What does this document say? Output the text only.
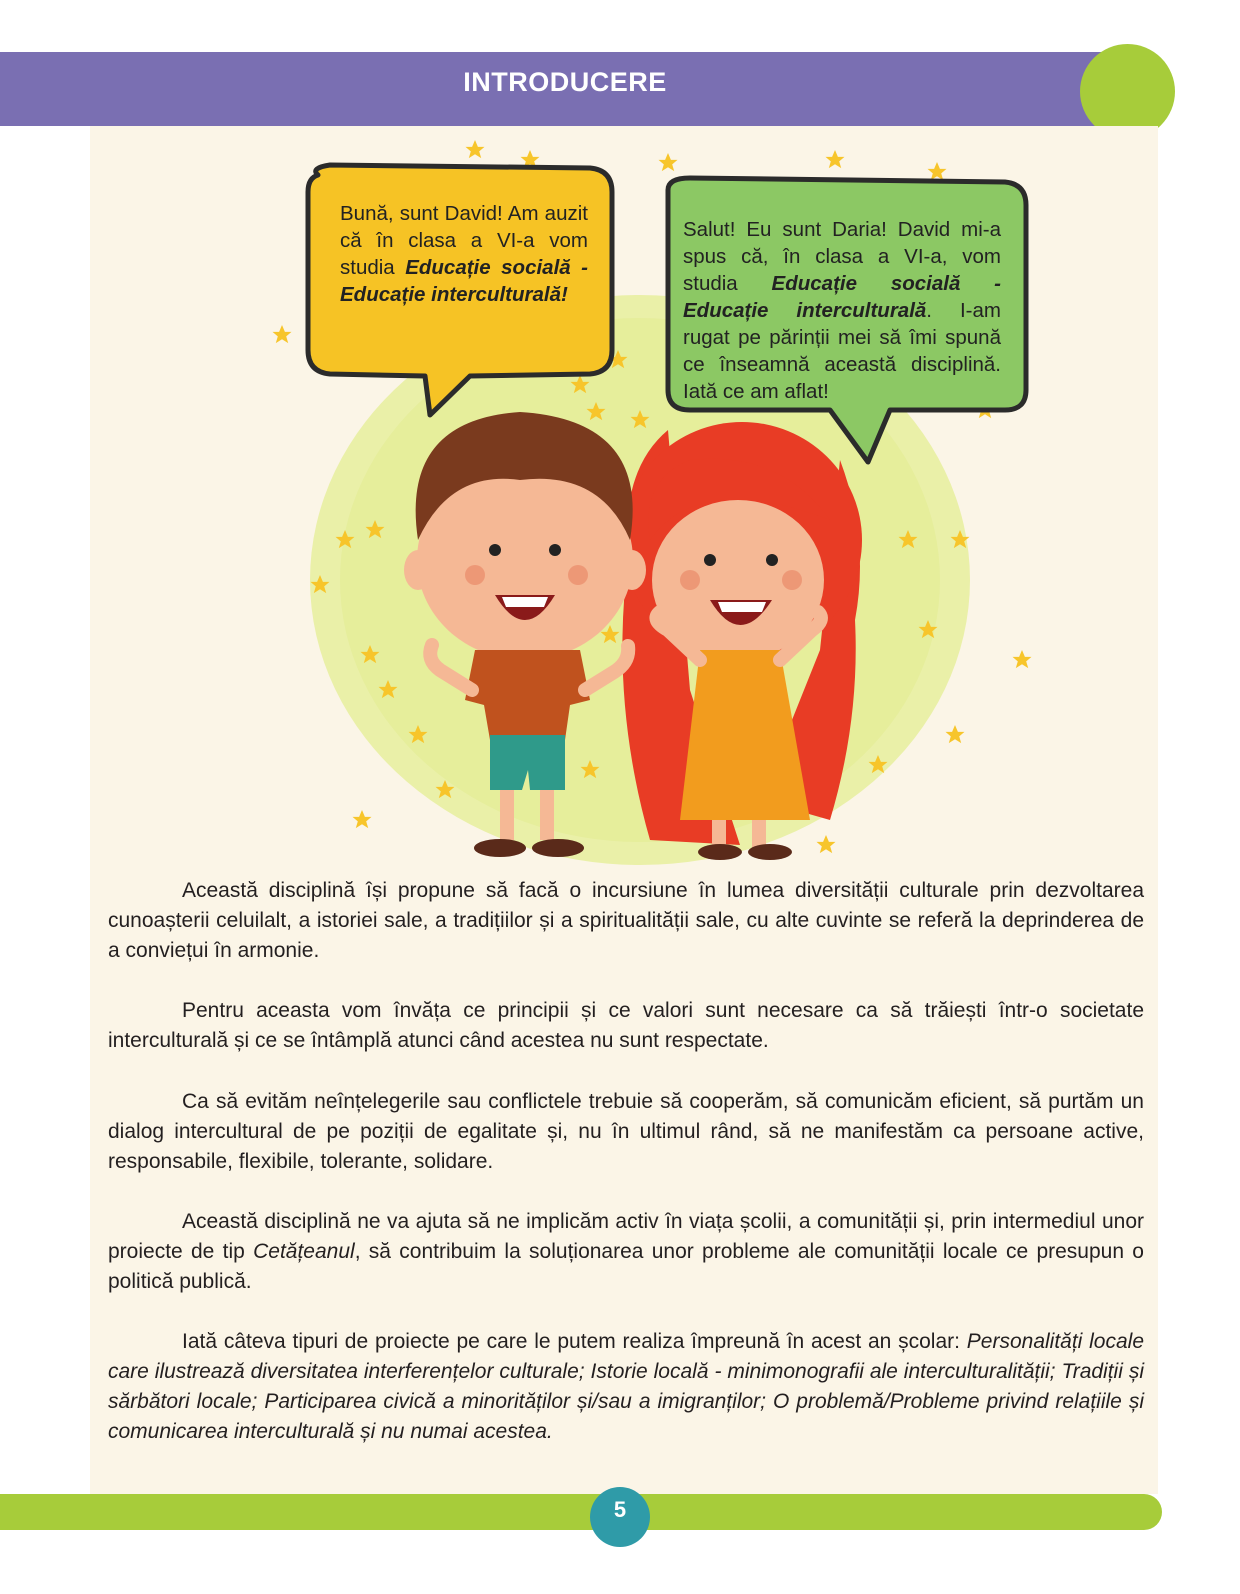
INTRODUCERE
Bună, sunt David! Am auzit că în clasa a VI-a vom studia Educație socială - Educație interculturală!
Salut! Eu sunt Daria! David mi-a spus că, în clasa a VI-a, vom studia Educație socială - Educație interculturală. I-am rugat pe părinții mei să îmi spună ce înseamnă această disciplină. Iată ce am aflat!

Această disciplină își propune să facă o incursiune în lumea diversității culturale prin dezvoltarea cunoașterii celuilalt, a istoriei sale, a tradițiilor și a spiritualității sale, cu alte cuvinte se referă la deprinderea de a conviețui în armonie.

Pentru aceasta vom învăța ce principii și ce valori sunt necesare ca să trăiești într-o societate interculturală și ce se întâmplă atunci când acestea nu sunt respectate.

Ca să evităm neînțelegerile sau conflictele trebuie să cooperăm, să comunicăm eficient, să purtăm un dialog intercultural de pe poziții de egalitate și, nu în ultimul rând, să ne manifestăm ca persoane active, responsabile, flexibile, tolerante, solidare.

Această disciplină ne va ajuta să ne implicăm activ în viața școlii, a comunității și, prin intermediul unor proiecte de tip Cetățeanul, să contribuim la soluționarea unor probleme ale comunității locale ce presupun o politică publică.

Iată câteva tipuri de proiecte pe care le putem realiza împreună în acest an școlar: Personalități locale care ilustrează diversitatea interferențelor culturale; Istorie locală - minimonografii ale interculturalității; Tradiții și sărbători locale; Participarea civică a minorităților și/sau a imigranților; O problemă/Probleme privind relațiile și comunicarea interculturală și nu numai acestea.

5
